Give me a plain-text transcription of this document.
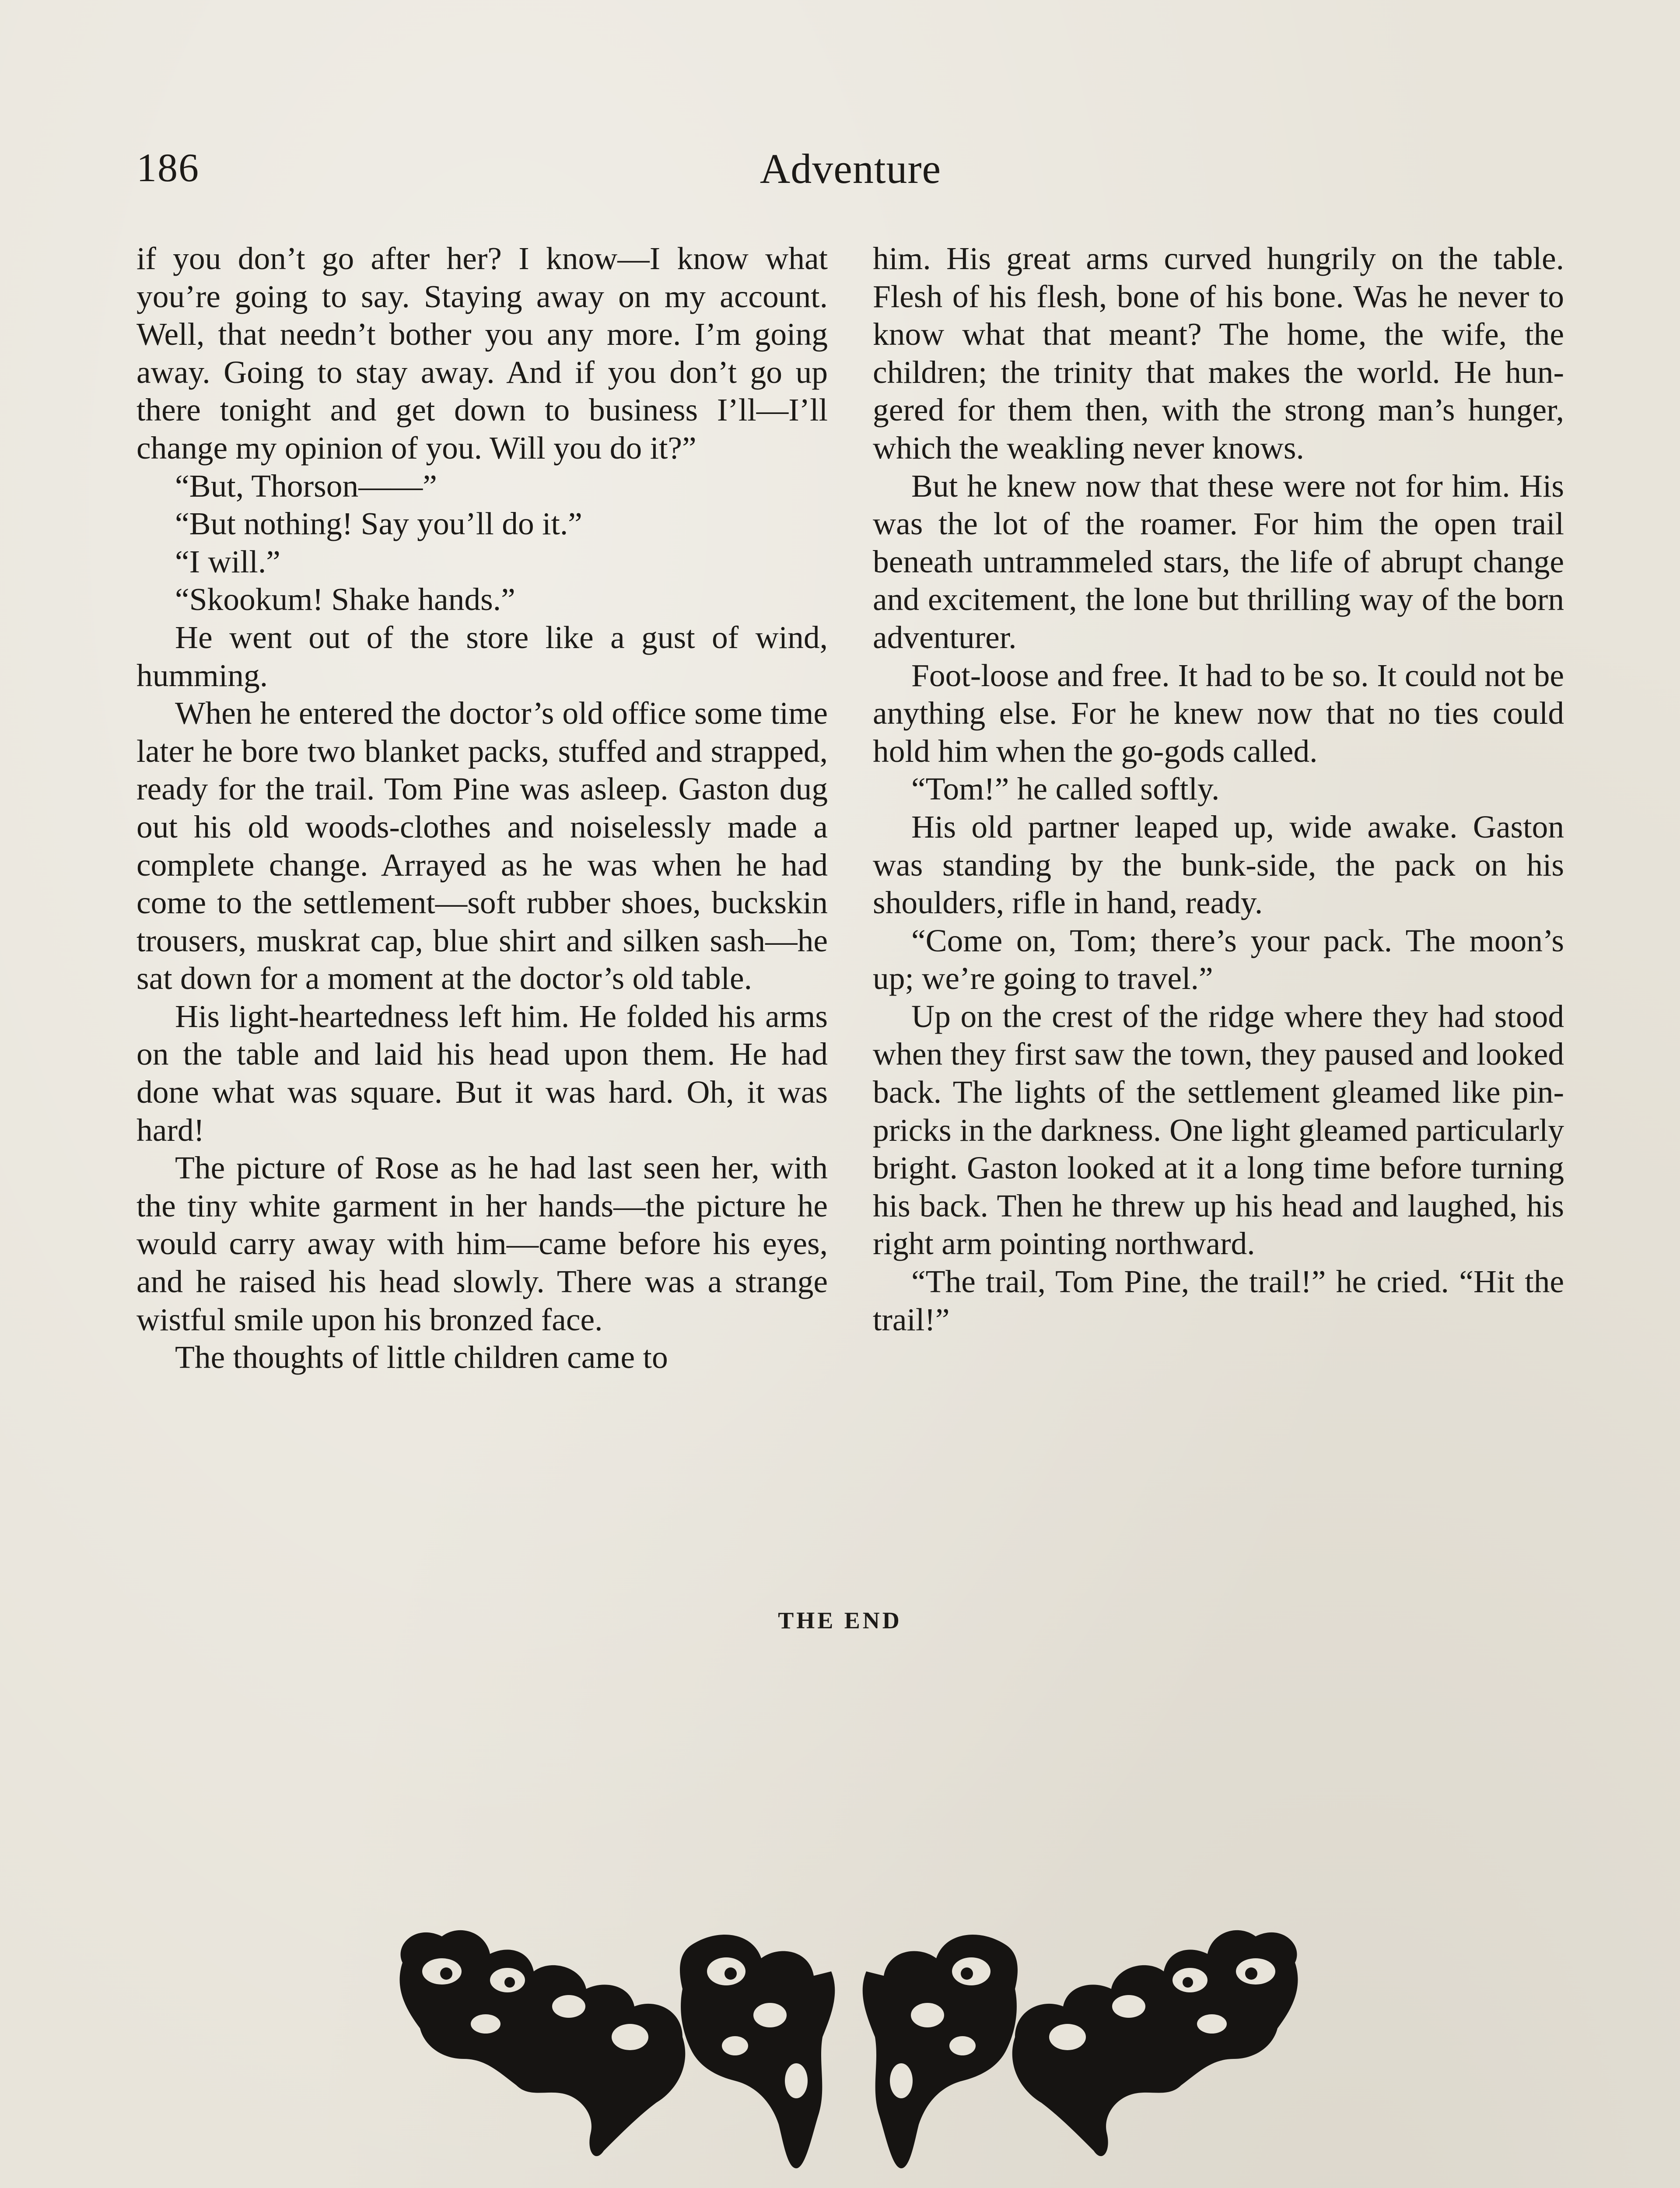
186	Adventure

if you don’t go after her? I know—I know what you’re going to say. Staying away on my account. Well, that needn’t bother you any more. I’m going away. Going to stay away. And if you don’t go up there tonight and get down to business I’ll—I’ll change my opinion of you. Will you do it?”

“But, Thorson——”

“But nothing! Say you’ll do it.”

“I will.”

“Skookum! Shake hands.”

He went out of the store like a gust of wind, humming.

When he entered the doctor’s old office some time later he bore two blanket packs, stuffed and strapped, ready for the trail. Tom Pine was asleep. Gaston dug out his old woods-clothes and noiselessly made a complete change. Arrayed as he was when he had come to the settlement—soft rubber shoes, buckskin trousers, muskrat cap, blue shirt and silken sash—he sat down for a moment at the doctor’s old table.

His light-heartedness left him. He folded his arms on the table and laid his head upon them. He had done what was square. But it was hard. Oh, it was hard!

The picture of Rose as he had last seen her, with the tiny white garment in her hands—the picture he would carry away with him—came before his eyes, and he raised his head slowly. There was a strange wistful smile upon his bronzed face.

The thoughts of little children came to

him. His great arms curved hungrily on the table. Flesh of his flesh, bone of his bone. Was he never to know what that meant? The home, the wife, the children; the trinity that makes the world. He hungered for them then, with the strong man’s hunger, which the weakling never knows.

But he knew now that these were not for him. His was the lot of the roamer. For him the open trail beneath untrammeled stars, the life of abrupt change and excitement, the lone but thrilling way of the born adventurer.

Foot-loose and free. It had to be so. It could not be anything else. For he knew now that no ties could hold him when the go-gods called.

“Tom!” he called softly.

His old partner leaped up, wide awake. Gaston was standing by the bunk-side, the pack on his shoulders, rifle in hand, ready.

“Come on, Tom; there’s your pack. The moon’s up; we’re going to travel.”

Up on the crest of the ridge where they had stood when they first saw the town, they paused and looked back. The lights of the settlement gleamed like pin-pricks in the darkness. One light gleamed particularly bright. Gaston looked at it a long time before turning his back. Then he threw up his head and laughed, his right arm pointing northward.

“The trail, Tom Pine, the trail!” he cried. “Hit the trail!”

THE END
